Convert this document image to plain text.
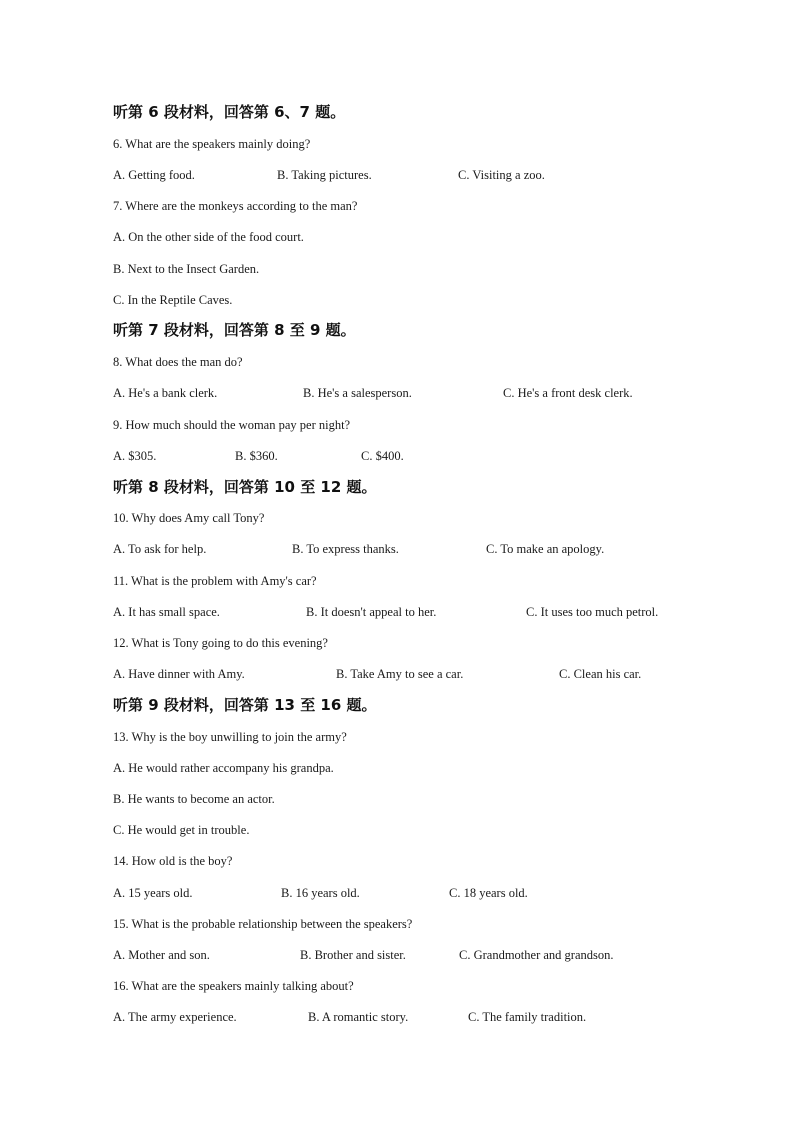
听第 6 段材料，回答第 6、7 题。
6. What are the speakers mainly doing?
A. Getting food.	B. Taking pictures.	C. Visiting a zoo.
7. Where are the monkeys according to the man?
A. On the other side of the food court.
B. Next to the Insect Garden.
C. In the Reptile Caves.
听第 7 段材料，回答第 8 至 9 题。
8. What does the man do?
A. He's a bank clerk.	B. He's a salesperson.	C. He's a front desk clerk.
9. How much should the woman pay per night?
A. $305.	B. $360.	C. $400.
听第 8 段材料，回答第 10 至 12 题。
10. Why does Amy call Tony?
A. To ask for help.	B. To express thanks.	C. To make an apology.
11. What is the problem with Amy's car?
A. It has small space.	B. It doesn't appeal to her.	C. It uses too much petrol.
12. What is Tony going to do this evening?
A. Have dinner with Amy.	B. Take Amy to see a car.	C. Clean his car.
听第 9 段材料，回答第 13 至 16 题。
13. Why is the boy unwilling to join the army?
A. He would rather accompany his grandpa.
B. He wants to become an actor.
C. He would get in trouble.
14. How old is the boy?
A. 15 years old.	B. 16 years old.	C. 18 years old.
15. What is the probable relationship between the speakers?
A. Mother and son.	B. Brother and sister.	C. Grandmother and grandson.
16. What are the speakers mainly talking about?
A. The army experience.	B. A romantic story.	C. The family tradition.
